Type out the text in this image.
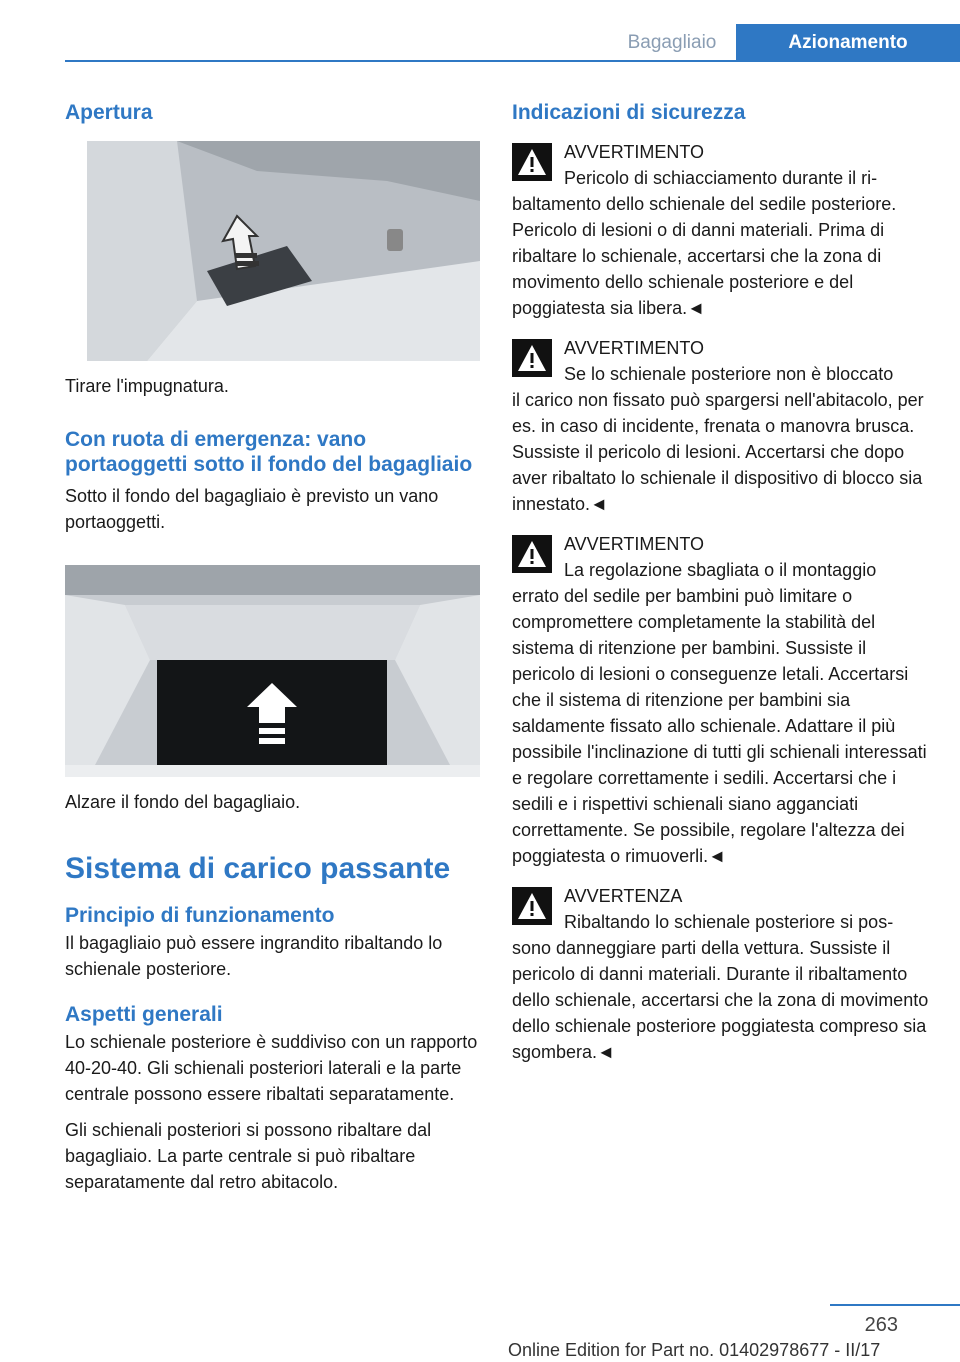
Bagagliaio	Azionamento
Apertura

Tirare l'impugnatura.

Con ruota di emergenza: vano portaoggetti sotto il fondo del bagagliaio

Sotto il fondo del bagagliaio è previsto un vano portaoggetti.

Alzare il fondo del bagagliaio.

Sistema di carico passante
Principio di funzionamento

Il bagagliaio può essere ingrandito ribaltando lo schienale posteriore.

Aspetti generali

Lo schienale posteriore è suddiviso con un rapporto 40-20-40. Gli schienali posteriori laterali e la parte centrale possono essere ribaltati separatamente.

Gli schienali posteriori si possono ribaltare dal bagagliaio. La parte centrale si può ribaltare separatamente dal retro abitacolo.

Indicazioni di sicurezza
AVVERTIMENTO
Pericolo di schiacciamento durante il ri-
baltamento dello schienale del sedile posteriore. Pericolo di lesioni o di danni materiali. Prima di ribaltare lo schienale, accertarsi che la zona di movimento dello schienale posteriore e del poggiatesta sia libera.◄
AVVERTIMENTO
Se lo schienale posteriore non è bloccato
il carico non fissato può spargersi nell'abitacolo, per es. in caso di incidente, frenata o manovra brusca. Sussiste il pericolo di lesioni. Accertarsi che dopo aver ribaltato lo schienale il dispositivo di blocco sia innestato.◄
AVVERTIMENTO
La regolazione sbagliata o il montaggio
errato del sedile per bambini può limitare o compromettere completamente la stabilità del sistema di ritenzione per bambini. Sussiste il pericolo di lesioni o conseguenze letali. Accertarsi che il sistema di ritenzione per bambini sia saldamente fissato allo schienale. Adattare il più possibile l'inclinazione di tutti gli schienali interessati e regolare correttamente i sedili. Accertarsi che i sedili e i rispettivi schienali siano agganciati correttamente. Se possibile, regolare l'altezza dei poggiatesta o rimuoverli.◄
AVVERTENZA
Ribaltando lo schienale posteriore si pos-
sono danneggiare parti della vettura. Sussiste il pericolo di danni materiali. Durante il ribaltamento dello schienale, accertarsi che la zona di movimento dello schienale posteriore poggiatesta compreso sia sgombera.◄
263
Online Edition for Part no. 01402978677 - II/17
